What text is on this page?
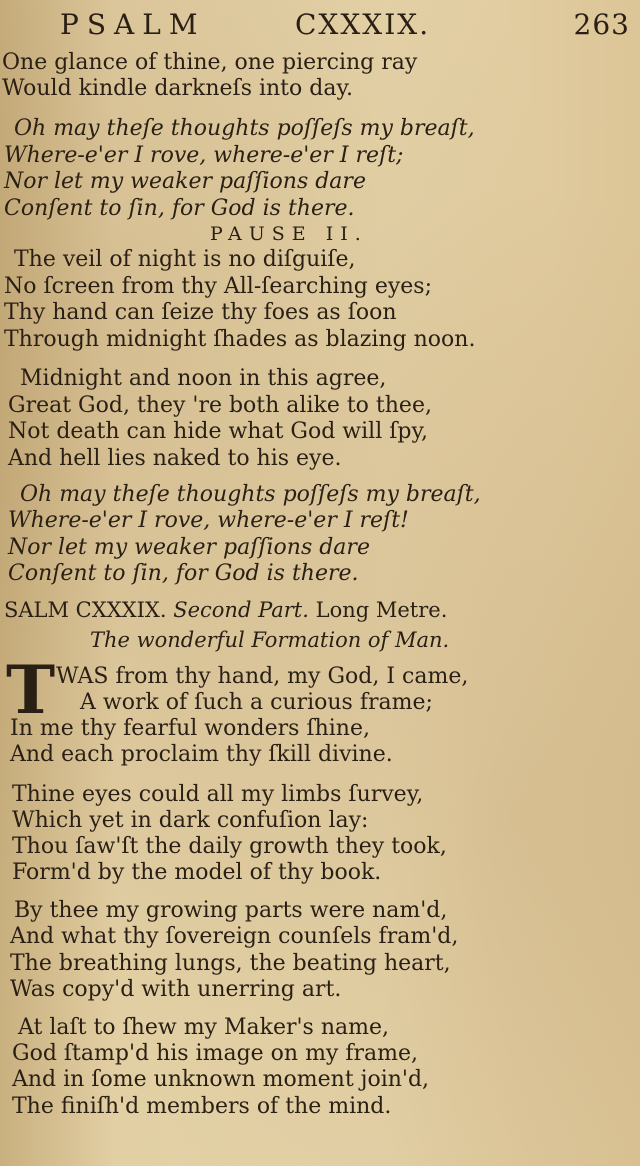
PSALM	CXXXIX.	263
One glance of thine, one piercing ray
Would kindle darkneſs into day.
Oh may theſe thoughts poſſeſs my breaſt,
Where-e'er I rove, where-e'er I reſt;
Nor let my weaker paſſions dare
Conſent to ſin, for God is there.
PAUSE II.
The veil of night is no diſguiſe,
No ſcreen from thy All-ſearching eyes;
Thy hand can ſeize thy foes as ſoon
Through midnight ſhades as blazing noon.
Midnight and noon in this agree,
Great God, they 're both alike to thee,
Not death can hide what God will ſpy,
And hell lies naked to his eye.
Oh may theſe thoughts poſſeſs my breaſt,
Where-e'er I rove, where-e'er I reſt!
Nor let my weaker paſſions dare
Conſent to ſin, for God is there.
SALM CXXXIX. Second Part. Long Metre.
The wonderful Formation of Man.
T WAS from thy hand, my God, I came,
A work of ſuch a curious frame;
In me thy fearful wonders ſhine,
And each proclaim thy ſkill divine.
Thine eyes could all my limbs ſurvey,
Which yet in dark confuſion lay:
Thou ſaw'ſt the daily growth they took,
Form'd by the model of thy book.
By thee my growing parts were nam'd,
And what thy ſovereign counſels fram'd,
The breathing lungs, the beating heart,
Was copy'd with unerring art.
At laſt to ſhew my Maker's name,
God ſtamp'd his image on my frame,
And in ſome unknown moment join'd,
The finiſh'd members of the mind.
